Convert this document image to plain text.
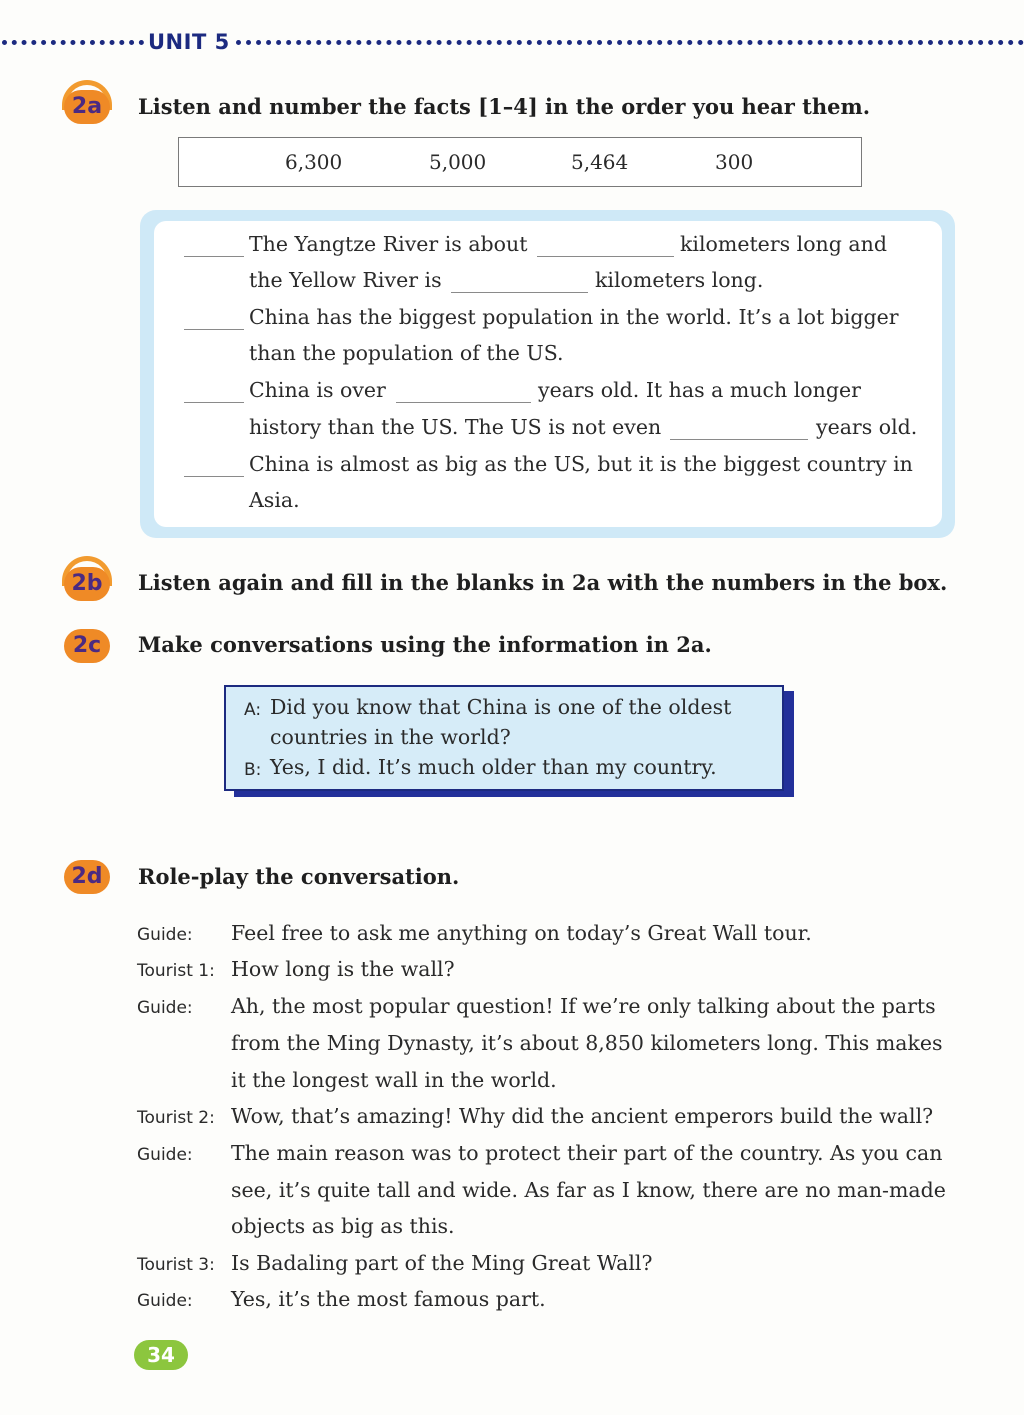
UNIT 5
2a	Listen and number the facts [1–4] in the order you hear them.
6,300	5,000	5,464	300
The Yangtze River is about	kilometers long and
the Yellow River is	kilometers long.
China has the biggest population in the world. It’s a lot bigger
than the population of the US.
China is over	years old. It has a much longer
history than the US. The US is not even	years old.
China is almost as big as the US, but it is the biggest country in
Asia.
2b	Listen again and fill in the blanks in 2a with the numbers in the box.
2c	Make conversations using the information in 2a.
A: Did you know that China is one of the oldest
countries in the world?
B: Yes, I did. It’s much older than my country.
2d	Role-play the conversation.
Guide: Feel free to ask me anything on today’s Great Wall tour.
Tourist 1: How long is the wall?
Guide: Ah, the most popular question! If we’re only talking about the parts
from the Ming Dynasty, it’s about 8,850 kilometers long. This makes
it the longest wall in the world.
Tourist 2: Wow, that’s amazing! Why did the ancient emperors build the wall?
Guide: The main reason was to protect their part of the country. As you can
see, it’s quite tall and wide. As far as I know, there are no man-made
objects as big as this.
Tourist 3: Is Badaling part of the Ming Great Wall?
Guide: Yes, it’s the most famous part.
34
